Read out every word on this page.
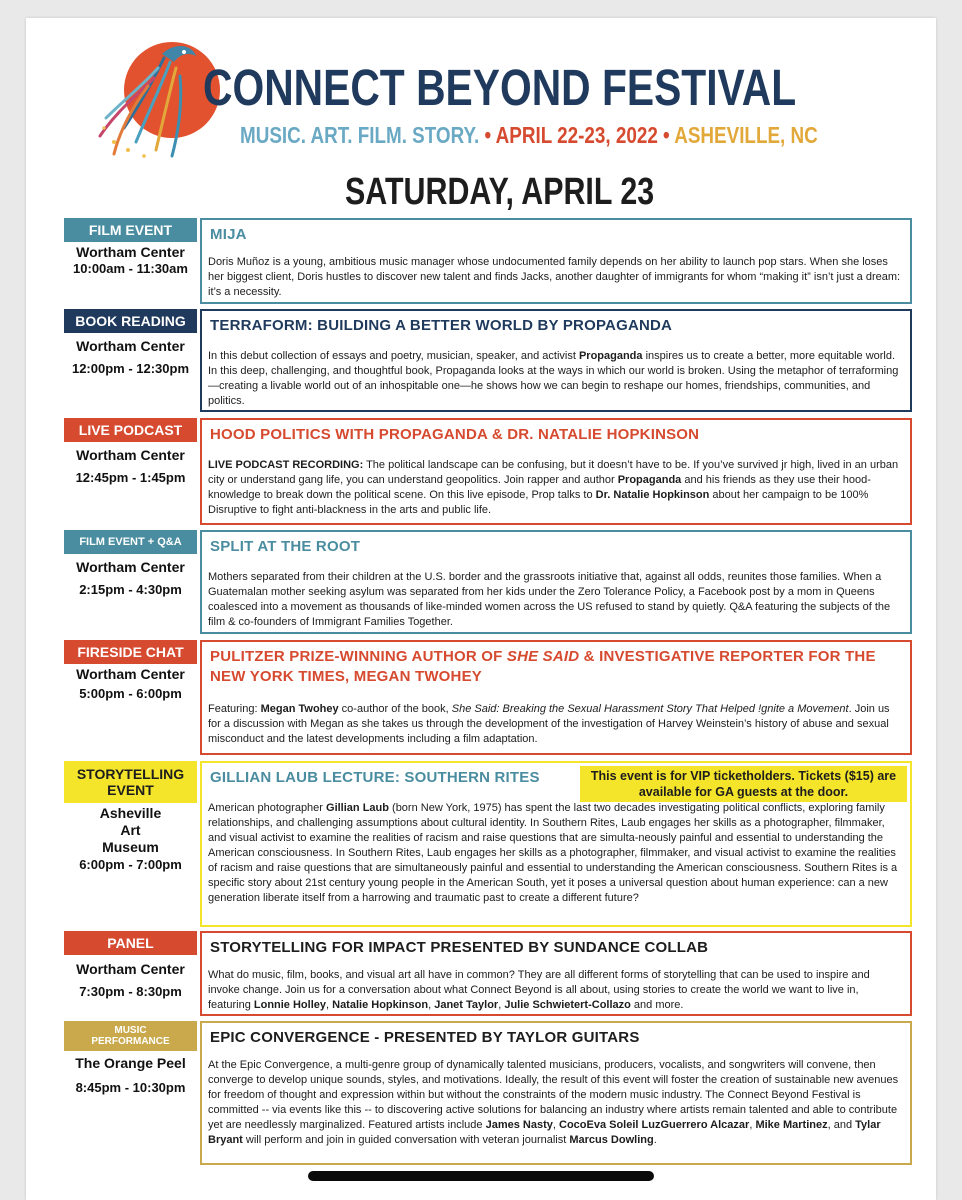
CONNECT BEYOND FESTIVAL
MUSIC. ART. FILM. STORY. • APRIL 22-23, 2022 • ASHEVILLE, NC
SATURDAY, APRIL 23
FILM EVENT
Wortham Center
10:00am - 11:30am
MIJA
Doris Muñoz is a young, ambitious music manager whose undocumented family depends on her ability to launch pop stars. When she loses her biggest client, Doris hustles to discover new talent and finds Jacks, another daughter of immigrants for whom “making it” isn’t just a dream: it’s a necessity.
BOOK READING
Wortham Center
12:00pm - 12:30pm
TERRAFORM: BUILDING A BETTER WORLD BY PROPAGANDA
In this debut collection of essays and poetry, musician, speaker, and activist Propaganda inspires us to create a better, more equitable world. In this deep, challenging, and thoughtful book, Propaganda looks at the ways in which our world is broken. Using the metaphor of terraforming—creating a livable world out of an inhospitable one—he shows how we can begin to reshape our homes, friendships, communities, and politics.
LIVE PODCAST
Wortham Center
12:45pm - 1:45pm
HOOD POLITICS WITH PROPAGANDA & DR. NATALIE HOPKINSON
LIVE PODCAST RECORDING: The political landscape can be confusing, but it doesn’t have to be. If you’ve survived jr high, lived in an urban city or understand gang life, you can understand geopolitics. Join rapper and author Propaganda and his friends as they use their hood-knowledge to break down the political scene. On this live episode, Prop talks to Dr. Natalie Hopkinson about her campaign to be 100% Disruptive to fight anti-blackness in the arts and public life.
FILM EVENT + Q&A
Wortham Center
2:15pm - 4:30pm
SPLIT AT THE ROOT
Mothers separated from their children at the U.S. border and the grassroots initiative that, against all odds, reunites those families. When a Guatemalan mother seeking asylum was separated from her kids under the Zero Tolerance Policy, a Facebook post by a mom in Queens coalesced into a movement as thousands of like-minded women across the US refused to stand by quietly. Q&A featuring the subjects of the film & co-founders of Immigrant Families Together.
FIRESIDE CHAT
Wortham Center
5:00pm - 6:00pm
PULITZER PRIZE-WINNING AUTHOR OF SHE SAID & INVESTIGATIVE REPORTER FOR THE NEW YORK TIMES, MEGAN TWOHEY
Featuring: Megan Twohey co-author of the book, She Said: Breaking the Sexual Harassment Story That Helped !gnite a Movement. Join us for a discussion with Megan as she takes us through the development of the investigation of Harvey Weinstein’s history of abuse and sexual misconduct and the latest developments including a film adaptation.
STORYTELLING EVENT
Asheville Art Museum
6:00pm - 7:00pm
GILLIAN LAUB LECTURE: SOUTHERN RITES	This event is for VIP ticketholders. Tickets ($15) are available for GA guests at the door.
American photographer Gillian Laub (born New York, 1975) has spent the last two decades investigating political conflicts, exploring family relationships, and challenging assumptions about cultural identity. In Southern Rites, Laub engages her skills as a photographer, filmmaker, and visual activist to examine the realities of racism and raise questions that are simulta-neously painful and essential to understanding the American consciousness. In Southern Rites, Laub engages her skills as a photographer, filmmaker, and visual activist to examine the realities of racism and raise questions that are simultaneously painful and essential to understanding the American consciousness. Southern Rites is a specific story about 21st century young people in the American South, yet it poses a universal question about human experience: can a new generation liberate itself from a harrowing and traumatic past to create a different future?
PANEL
Wortham Center
7:30pm - 8:30pm
STORYTELLING FOR IMPACT PRESENTED BY SUNDANCE COLLAB
What do music, film, books, and visual art all have in common? They are all different forms of storytelling that can be used to inspire and invoke change. Join us for a conversation about what Connect Beyond is all about, using stories to create the world we want to live in, featuring Lonnie Holley, Natalie Hopkinson, Janet Taylor, Julie Schwietert-Collazo and more.
MUSIC PERFORMANCE
The Orange Peel
8:45pm - 10:30pm
EPIC CONVERGENCE - PRESENTED BY TAYLOR GUITARS
At the Epic Convergence, a multi-genre group of dynamically talented musicians, producers, vocalists, and songwriters will convene, then converge to develop unique sounds, styles, and motivations. Ideally, the result of this event will foster the creation of sustainable new avenues for freedom of thought and expression within but without the constraints of the modern music industry. The Connect Beyond Festival is committed -- via events like this -- to discovering active solutions for balancing an industry where artists remain talented and able to contribute yet are needlessly marginalized. Featured artists include James Nasty, CocoEva Soleil LuzGuerrero Alcazar, Mike Martinez, and Tylar Bryant will perform and join in guided conversation with veteran journalist Marcus Dowling.
